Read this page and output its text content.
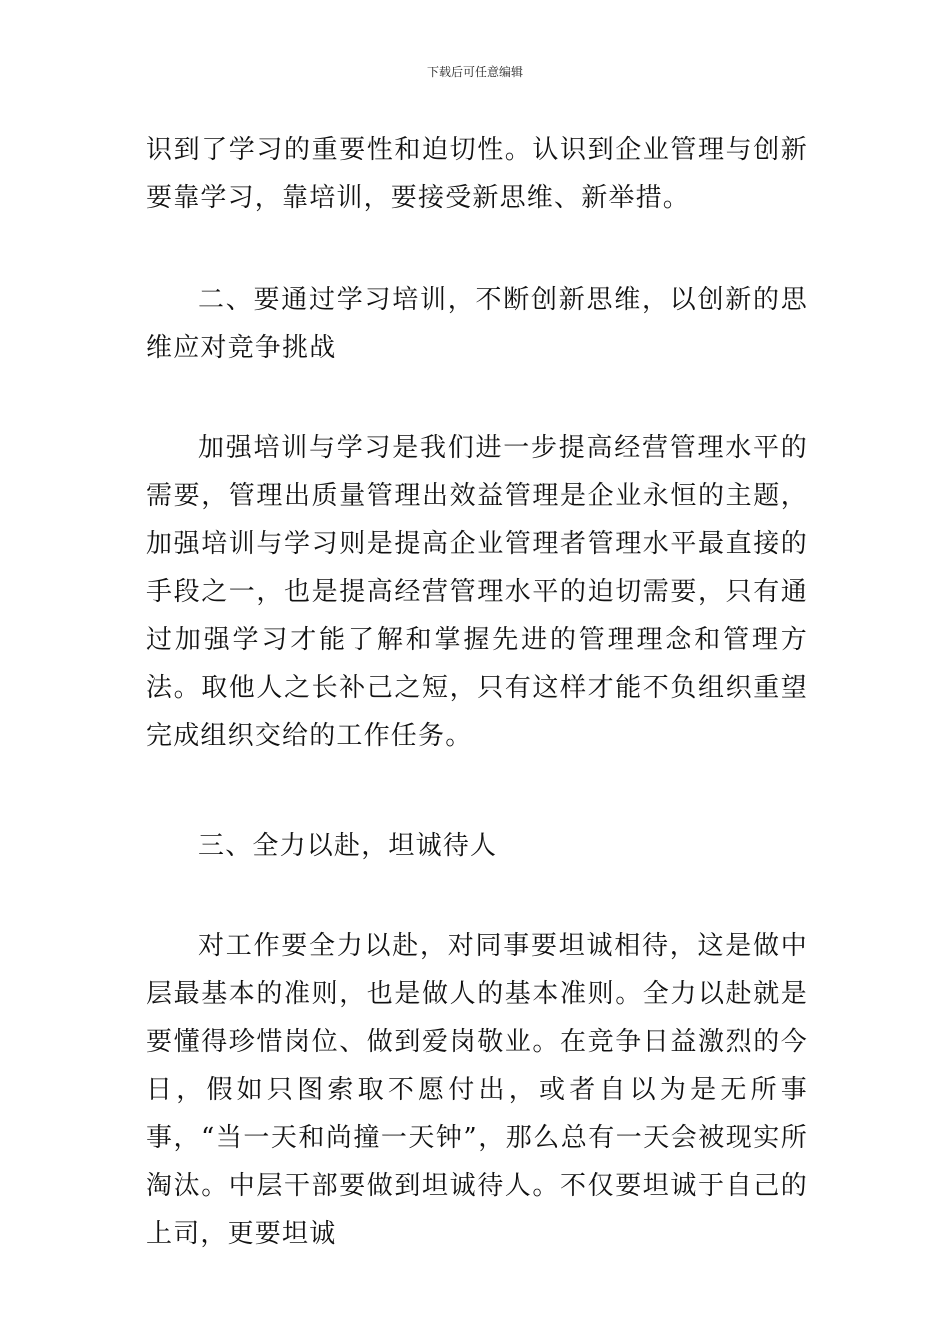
下载后可任意编辑

识到了学习的重要性和迫切性。认识到企业管理与创新要靠学习，靠培训，要接受新思维、新举措。

二、要通过学习培训，不断创新思维，以创新的思维应对竞争挑战

加强培训与学习是我们进一步提高经营管理水平的需要，管理出质量管理出效益管理是企业永恒的主题，加强培训与学习则是提高企业管理者管理水平最直接的手段之一，也是提高经营管理水平的迫切需要，只有通过加强学习才能了解和掌握先进的管理理念和管理方法。取他人之长补己之短，只有这样才能不负组织重望完成组织交给的工作任务。

三、全力以赴，坦诚待人

对工作要全力以赴，对同事要坦诚相待，这是做中层最基本的准则，也是做人的基本准则。全力以赴就是要懂得珍惜岗位、做到爱岗敬业。在竞争日益激烈的今日，假如只图索取不愿付出，或者自以为是无所事事，“当一天和尚撞一天钟”，那么总有一天会被现实所淘汰。中层干部要做到坦诚待人。不仅要坦诚于自己的上司，更要坦诚
